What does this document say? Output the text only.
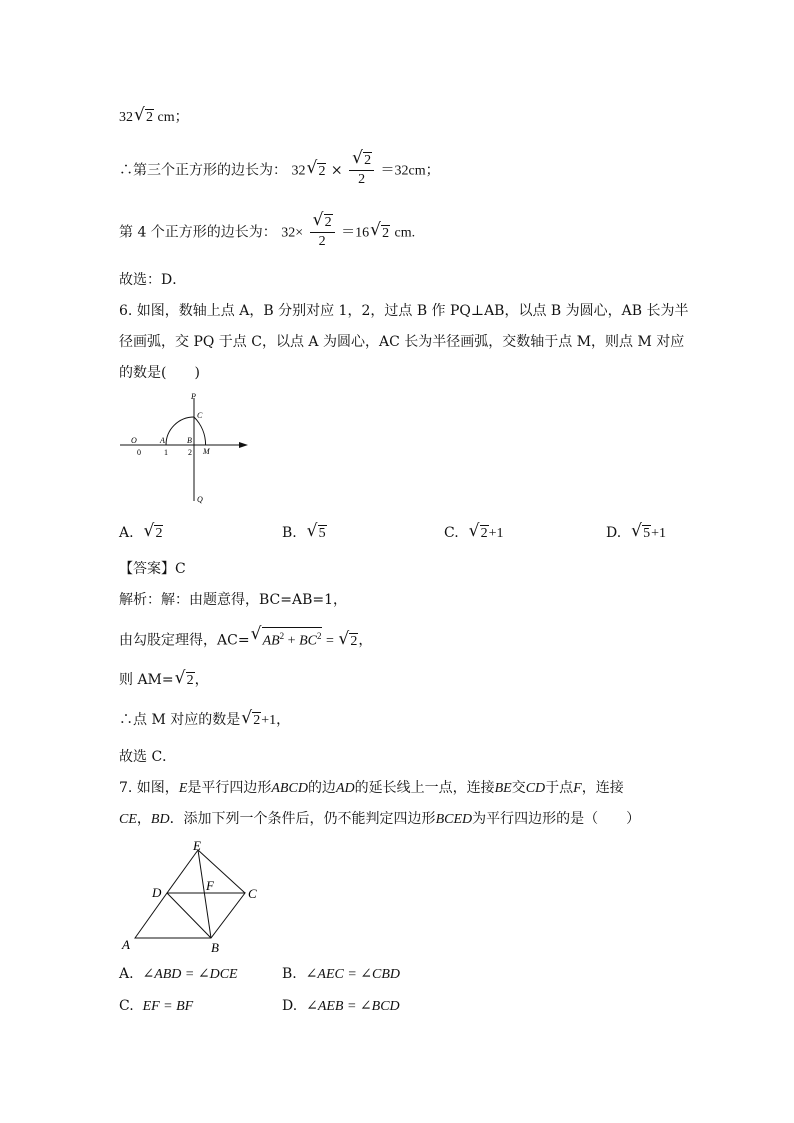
32√ 2 cm；
∴第三个正方形的边长为： 32√ 2 ×
√ $\frac{2}{2} =32cm$；
第 4 个正方形的边长为： 32×
√ $\frac{2}{2} =16√$ 2 cm.
故选：D．
6. 如图，数轴上点 A，B 分别对应 1，2，过点 B 作 PQ⊥AB，以点 B 为圆心，AB 长为半
径画弧，交 PQ 于点 C，以点 A 为圆心，AC 长为半径画弧，交数轴于点 M，则点 M 对应
的数是(　　)
P
C
O	A	B
M
Q
0	1	2
A.  √ 2	B.  √ 5	C.  √ 2+1	D.  √ 5+1
【答案】C
解析：解：由题意得，BC=AB=1，
由勾股定理得，AC=√ $AB^2 + BC^2$ = √ 2，
则 AM=√ 2，
∴点 M 对应的数是√ 2+1，
故选 C．
7. 如图，E是平行四边形ABCD的边AD的延长线上一点，连接BE交CD于点F，连接
CE，BD．添加下列一个条件后，仍不能判定四边形BCED为平行四边形的是（　　）
E
D	F
C
A	B
A. ∠ABD = ∠DCE	B. ∠AEC = ∠CBD
C. EF = BF	D. ∠AEB = ∠BCD
